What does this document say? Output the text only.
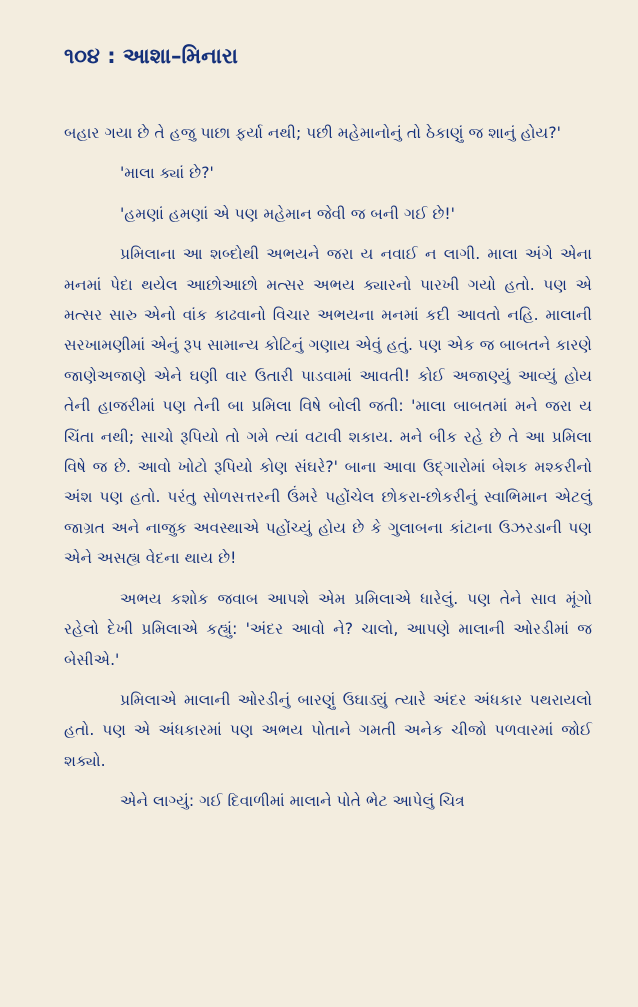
૧૦૪ : આશા–મિનારા

બહાર ગયા છે તે હજુ પાછા ફર્યા નથી; પછી મહેમાનોનું તો ઠેકાણું જ શાનું હોય?'

'માલા ક્યાં છે?'

'હમણાં હમણાં એ પણ મહેમાન જેવી જ બની ગઈ છે!'

પ્રમિલાના આ શબ્દોથી અભયને જરા ય નવાઈ ન લાગી. માલા અંગે એના મનમાં પેદા થયેલ આછોઆછો મત્સર અભય ક્યારનો પારખી ગયો હતો. પણ એ મત્સર સારુ એનો વાંક કાઢવાનો વિચાર અભયના મનમાં કદી આવતો નહિ. માલાની સરખામણીમાં એનું રૂપ સામાન્ય કોટિનું ગણાય એવું હતું. પણ એક જ બાબતને કારણે જાણેઅજાણે એને ઘણી વાર ઉતારી પાડવામાં આવતી! કોઈ અજાણ્યું આવ્યું હોય તેની હાજરીમાં પણ તેની બા પ્રમિલા વિષે બોલી જતી: 'માલા બાબતમાં મને જરા ય ચિંતા નથી; સાચો રૂપિયો તો ગમે ત્યાં વટાવી શકાય. મને બીક રહે છે તે આ પ્રમિલા વિષે જ છે. આવો ખોટો રૂપિયો કોણ સંઘરે?' બાના આવા ઉદ્‌ગારોમાં બેશક મશ્કરીનો અંશ પણ હતો. પરંતુ સોળસત્તરની ઉંમરે પહોંચેલ છોકરા-છોકરીનું સ્વાભિમાન એટલું જાગ્રત અને નાજુક અવસ્થાએ પહોંચ્યું હોય છે કે ગુલાબના કાંટાના ઉઝરડાની પણ એને અસહ્ય વેદના થાય છે!

અભય કશોક જવાબ આપશે એમ પ્રમિલાએ ધારેલું. પણ તેને સાવ મૂંગો રહેલો દેખી પ્રમિલાએ કહ્યું: 'અંદર આવો ને? ચાલો, આપણે માલાની ઓરડીમાં જ બેસીએ.'

પ્રમિલાએ માલાની ઓરડીનું બારણું ઉઘાડ્યું ત્યારે અંદર અંધકાર પથરાયલો હતો. પણ એ અંધકારમાં પણ અભય પોતાને ગમતી અનેક ચીજો પળવારમાં જોઈ શક્યો.

એને લાગ્યું: ગઈ દિવાળીમાં માલાને પોતે ભેટ આપેલું ચિત્ર
